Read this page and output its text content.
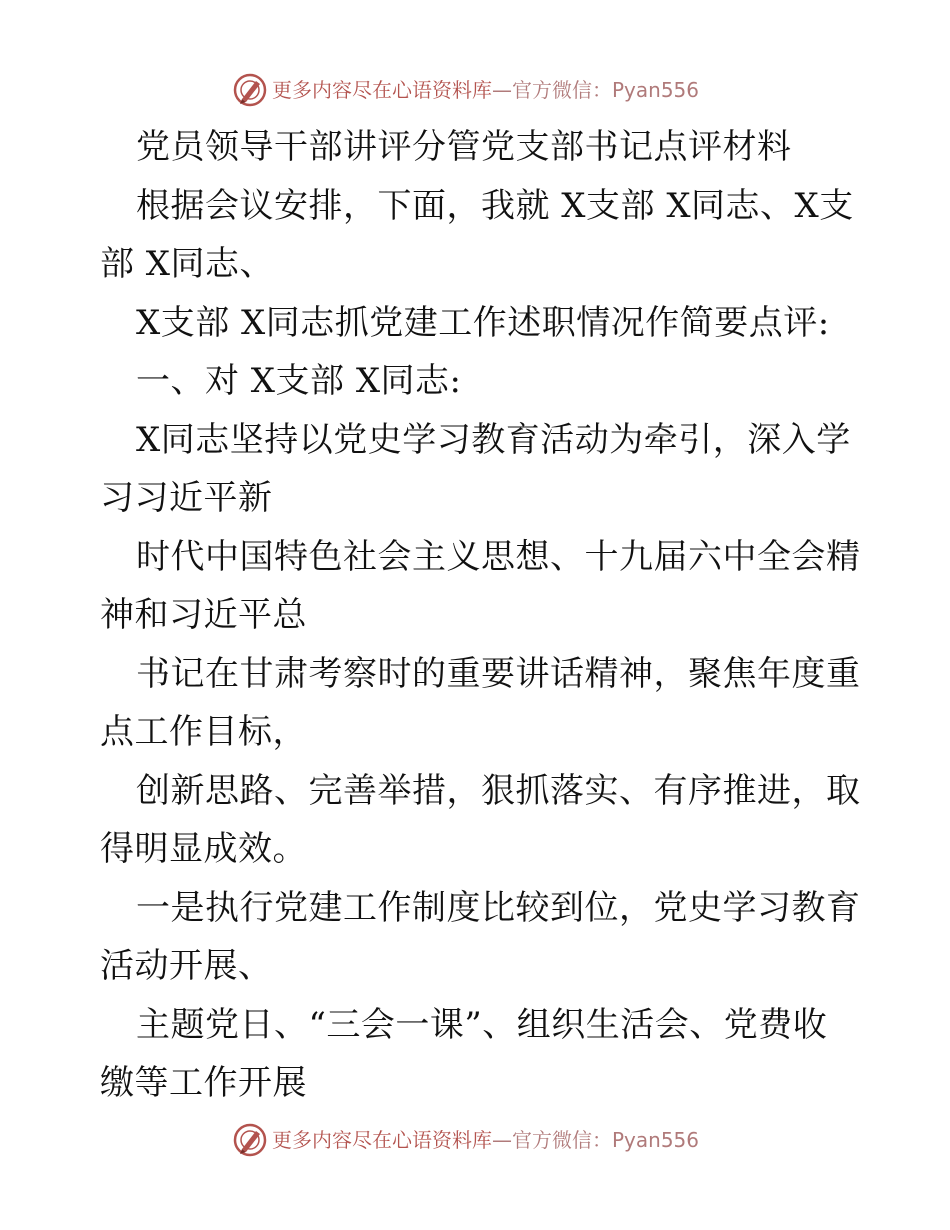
更多内容尽在心语资料库—官方微信：Pyan556
党员领导干部讲评分管党支部书记点评材料
根据会议安排，下面，我就 X支部 X同志、X支
部 X同志、
X支部 X同志抓党建工作述职情况作简要点评:
一、对 X支部 X同志:
X同志坚持以党史学习教育活动为牵引，深入学
习习近平新
时代中国特色社会主义思想、十九届六中全会精
神和习近平总
书记在甘肃考察时的重要讲话精神，聚焦年度重
点工作目标，
创新思路、完善举措，狠抓落实、有序推进，取
得明显成效。
一是执行党建工作制度比较到位，党史学习教育
活动开展、
主题党日、“三会一课”、组织生活会、党费收
缴等工作开展
更多内容尽在心语资料库—官方微信：Pyan556
